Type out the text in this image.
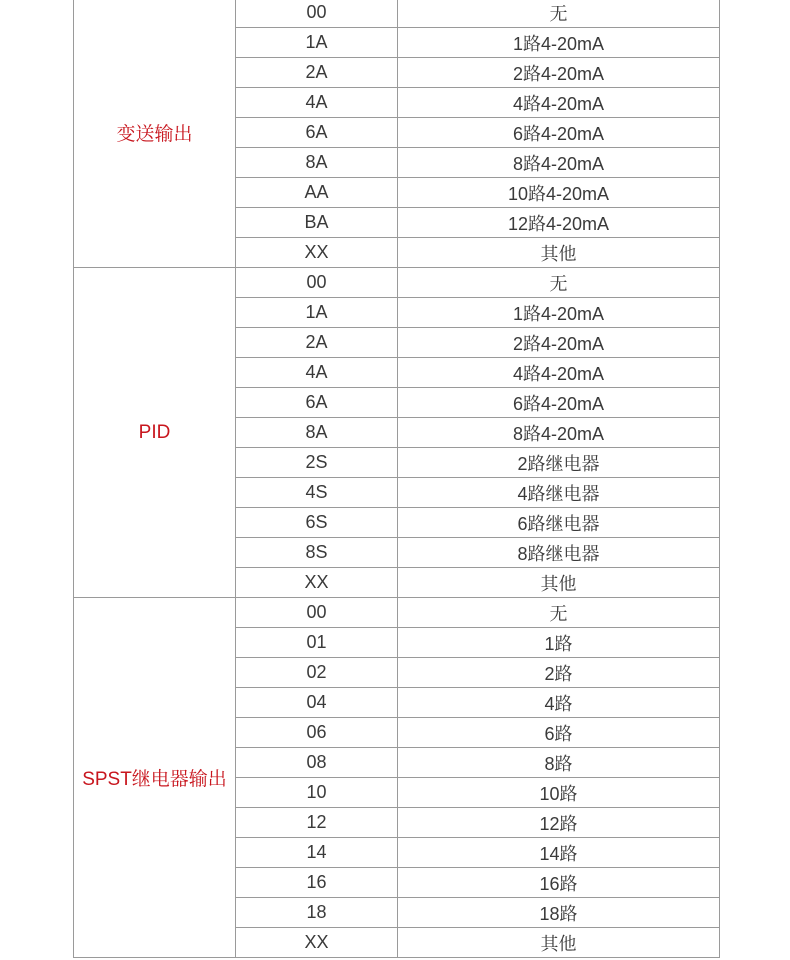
变送输出	00	无
	1A	1路4-20mA
	2A	2路4-20mA
	4A	4路4-20mA
	6A	6路4-20mA
	8A	8路4-20mA
	AA	10路4-20mA
	BA	12路4-20mA
	XX	其他
PID	00	无
	1A	1路4-20mA
	2A	2路4-20mA
	4A	4路4-20mA
	6A	6路4-20mA
	8A	8路4-20mA
	2S	2路继电器
	4S	4路继电器
	6S	6路继电器
	8S	8路继电器
	XX	其他
SPST继电器输出	00	无
	01	1路
	02	2路
	04	4路
	06	6路
	08	8路
	10	10路
	12	12路
	14	14路
	16	16路
	18	18路
	XX	其他
